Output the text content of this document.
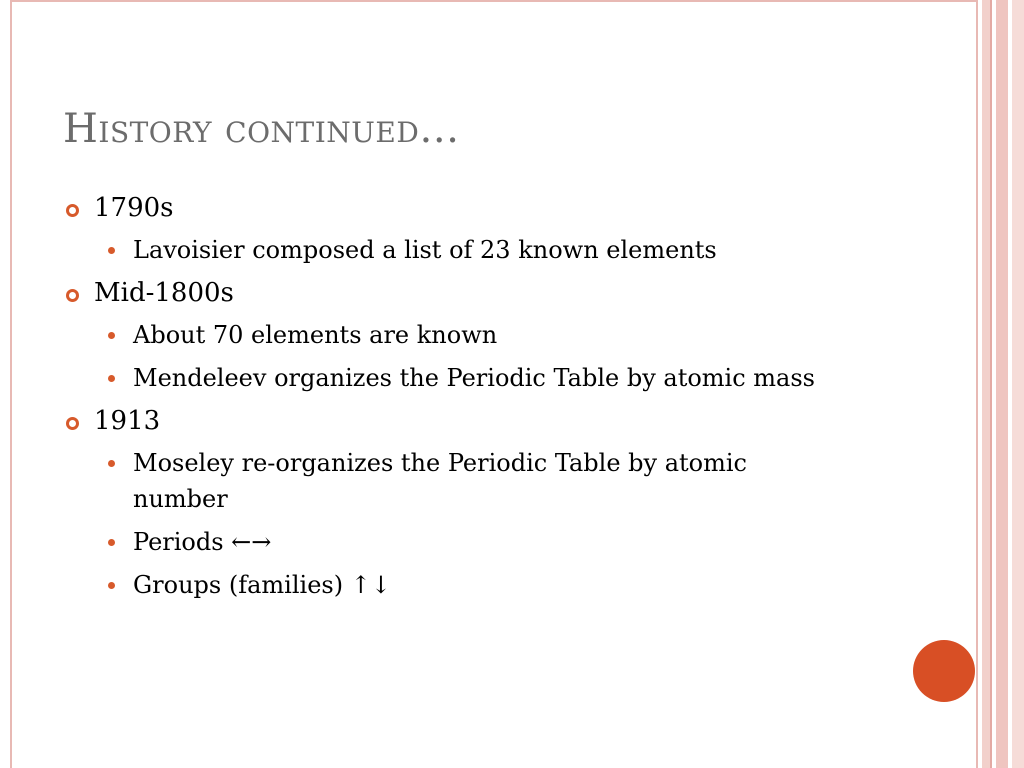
History continued…
1790s
Lavoisier composed a list of 23 known elements
Mid-1800s
About 70 elements are known
Mendeleev organizes the Periodic Table by atomic mass
1913
Moseley re-organizes the Periodic Table by atomic number
Periods ←→
Groups (families) ↑↓
